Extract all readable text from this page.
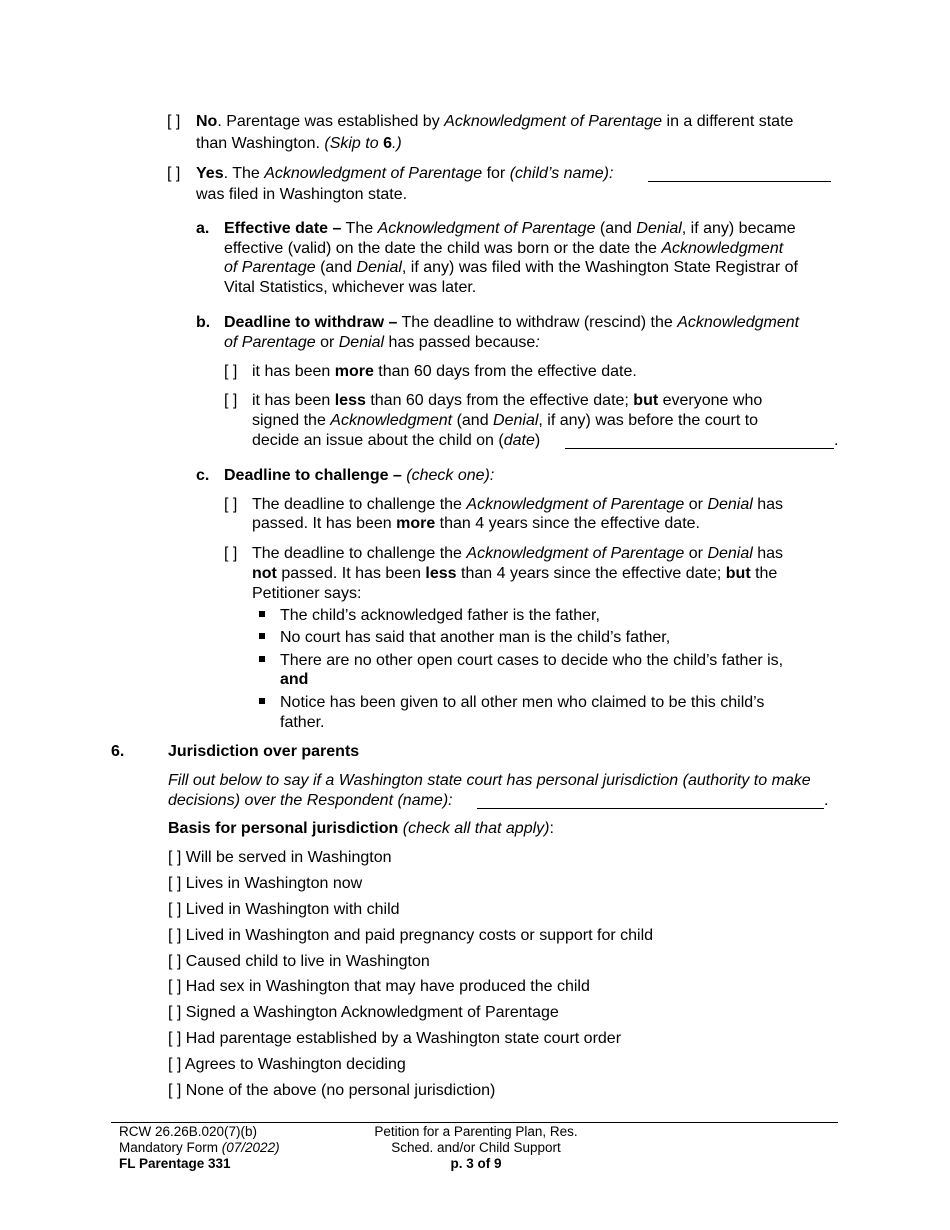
[ ] No. Parentage was established by Acknowledgment of Parentage in a different state
than Washington. (Skip to 6.)
[ ] Yes. The Acknowledgment of Parentage for (child’s name):
was filed in Washington state.
a. Effective date – The Acknowledgment of Parentage (and Denial, if any) became
effective (valid) on the date the child was born or the date the Acknowledgment
of Parentage (and Denial, if any) was filed with the Washington State Registrar of
Vital Statistics, whichever was later.
b. Deadline to withdraw – The deadline to withdraw (rescind) the Acknowledgment
of Parentage or Denial has passed because:
[ ] it has been more than 60 days from the effective date.
[ ] it has been less than 60 days from the effective date; but everyone who
signed the Acknowledgment (and Denial, if any) was before the court to
decide an issue about the child on (date)	.
c. Deadline to challenge – (check one):
[ ] The deadline to challenge the Acknowledgment of Parentage or Denial has
passed. It has been more than 4 years since the effective date.
[ ] The deadline to challenge the Acknowledgment of Parentage or Denial has
not passed. It has been less than 4 years since the effective date; but the
Petitioner says:
The child’s acknowledged father is the father,
No court has said that another man is the child’s father,
There are no other open court cases to decide who the child’s father is,
and
Notice has been given to all other men who claimed to be this child’s
father.
6.	Jurisdiction over parents
Fill out below to say if a Washington state court has personal jurisdiction (authority to make
decisions) over the Respondent (name):	.
Basis for personal jurisdiction (check all that apply):
[ ] Will be served in Washington
[ ] Lives in Washington now
[ ] Lived in Washington with child
[ ] Lived in Washington and paid pregnancy costs or support for child
[ ] Caused child to live in Washington
[ ] Had sex in Washington that may have produced the child
[ ] Signed a Washington Acknowledgment of Parentage
[ ] Had parentage established by a Washington state court order
[ ] Agrees to Washington deciding
[ ] None of the above (no personal jurisdiction)
RCW 26.26B.020(7)(b)
Mandatory Form (07/2022)
FL Parentage 331
Petition for a Parenting Plan, Res.
Sched. and/or Child Support
p. 3 of 9
